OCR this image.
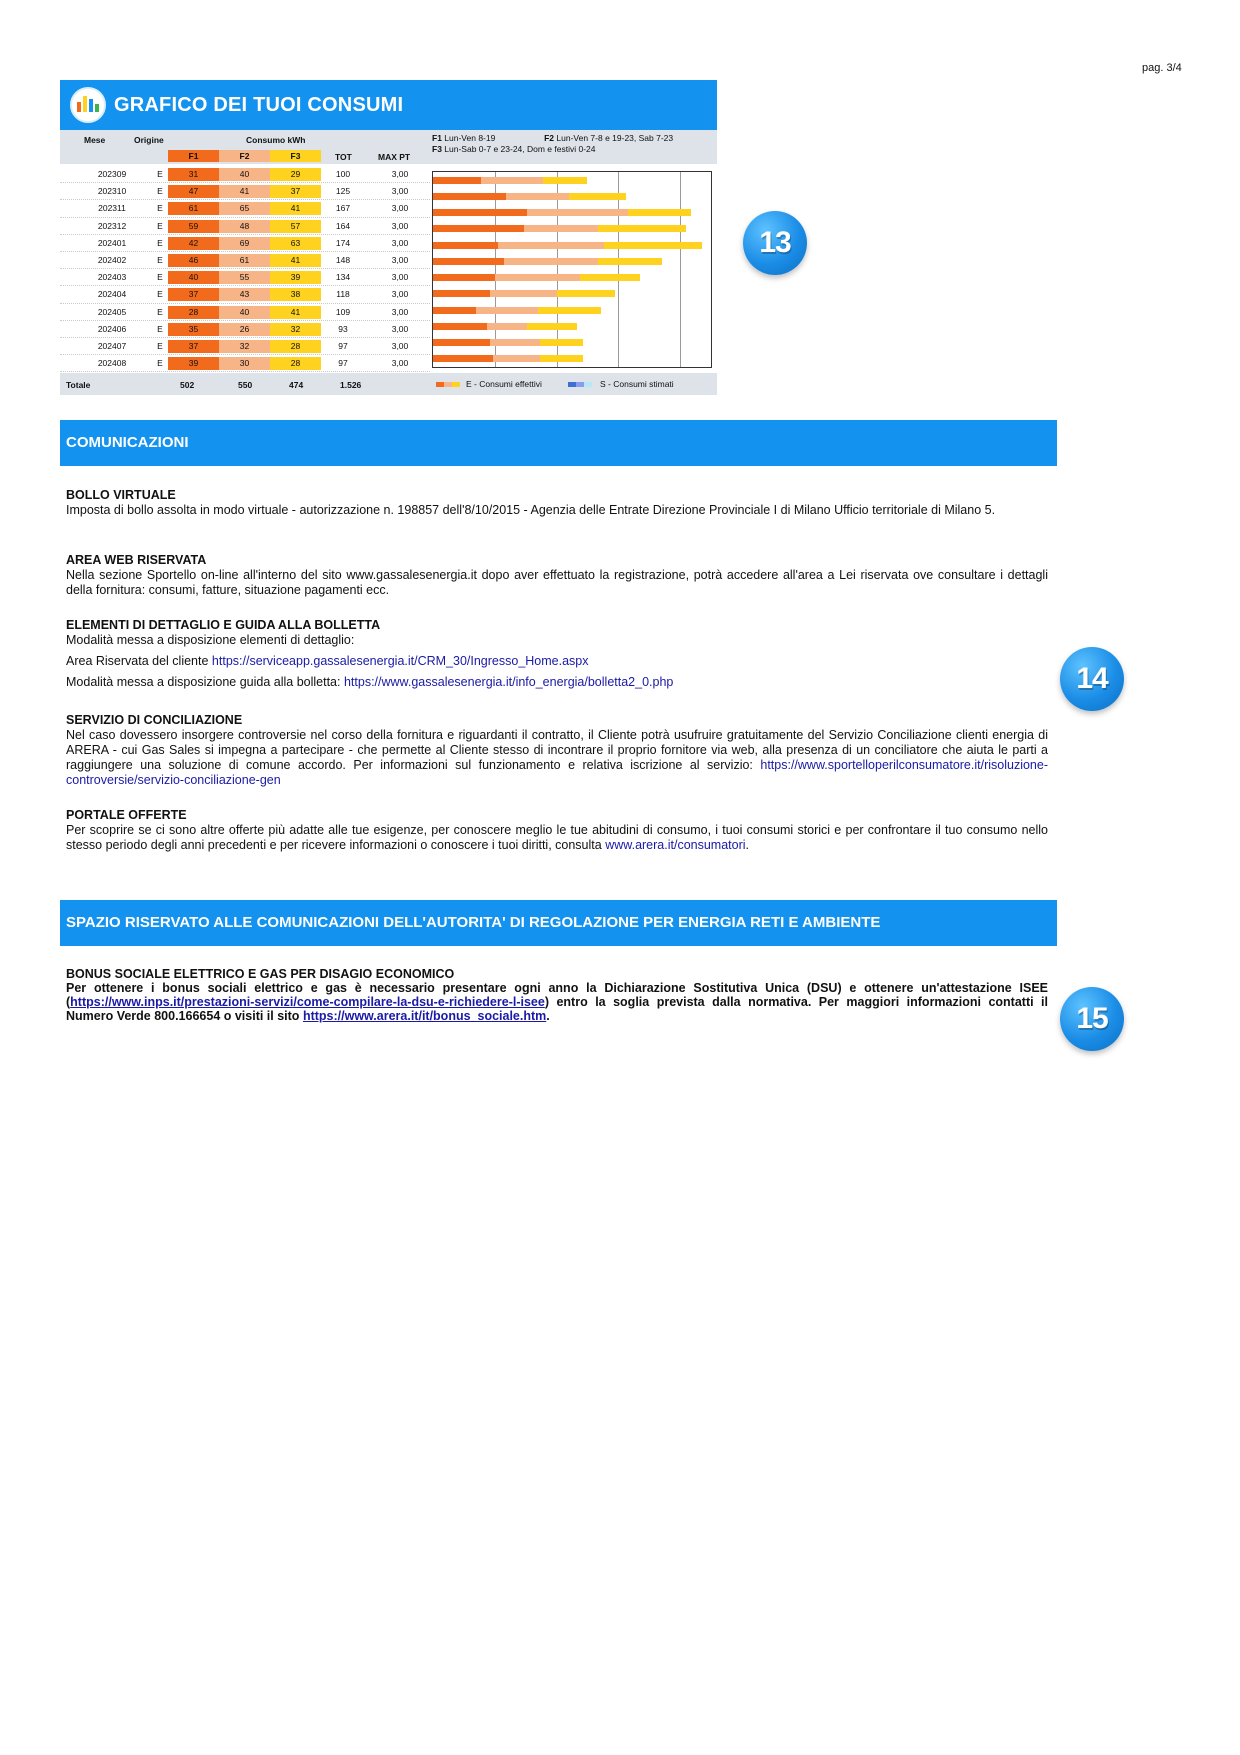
pag. 3/4
GRAFICO DEI TUOI CONSUMI
Mese	Origine	Consumo kWh
F1	F2	F3	TOT	MAX PT
F1 Lun-Ven 8-19	F2 Lun-Ven 7-8 e 19-23, Sab 7-23
F3 Lun-Sab 0-7 e 23-24, Dom e festivi 0-24
202309	E	31	40	29	100	3,00
202310	E	47	41	37	125	3,00
202311	E	61	65	41	167	3,00
202312	E	59	48	57	164	3,00
202401	E	42	69	63	174	3,00
202402	E	46	61	41	148	3,00
202403	E	40	55	39	134	3,00
202404	E	37	43	38	118	3,00
202405	E	28	40	41	109	3,00
202406	E	35	26	32	93	3,00
202407	E	37	32	28	97	3,00
202408	E	39	30	28	97	3,00
Totale	502	550	474	1.526	E - Consumi effettivi	S - Consumi stimati
13
COMUNICAZIONI
BOLLO VIRTUALE

Imposta di bollo assolta in modo virtuale - autorizzazione n. 198857 dell'8/10/2015 - Agenzia delle Entrate Direzione Provinciale I di Milano Ufficio territoriale di Milano 5.

AREA WEB RISERVATA

Nella sezione Sportello on-line all'interno del sito www.gassalesenergia.it dopo aver effettuato la registrazione, potrà accedere all'area a Lei riservata ove consultare i dettagli della fornitura: consumi, fatture, situazione pagamenti ecc.

ELEMENTI DI DETTAGLIO E GUIDA ALLA BOLLETTA

Modalità messa a disposizione elementi di dettaglio:

Area Riservata del cliente https://serviceapp.gassalesenergia.it/CRM_30/Ingresso_Home.aspx

Modalità messa a disposizione guida alla bolletta: https://www.gassalesenergia.it/info_energia/bolletta2_0.php	14
SERVIZIO DI CONCILIAZIONE

Nel caso dovessero insorgere controversie nel corso della fornitura e riguardanti il contratto, il Cliente potrà usufruire gratuitamente del Servizio Conciliazione clienti energia di ARERA - cui Gas Sales si impegna a partecipare - che permette al Cliente stesso di incontrare il proprio fornitore via web, alla presenza di un conciliatore che aiuta le parti a raggiungere una soluzione di comune accordo. Per informazioni sul funzionamento e relativa iscrizione al servizio: https://www.sportelloperilconsumatore.it/risoluzione-controversie/servizio-conciliazione-gen

PORTALE OFFERTE

Per scoprire se ci sono altre offerte più adatte alle tue esigenze, per conoscere meglio le tue abitudini di consumo, i tuoi consumi storici e per confrontare il tuo consumo nello stesso periodo degli anni precedenti e per ricevere informazioni o conoscere i tuoi diritti, consulta www.arera.it/consumatori.

SPAZIO RISERVATO ALLE COMUNICAZIONI DELL'AUTORITA' DI REGOLAZIONE PER ENERGIA RETI E AMBIENTE
BONUS SOCIALE ELETTRICO E GAS PER DISAGIO ECONOMICO

Per ottenere i bonus sociali elettrico e gas è necessario presentare ogni anno la Dichiarazione Sostitutiva Unica (DSU) e ottenere un'attestazione ISEE (https://www.inps.it/prestazioni-servizi/come-compilare-la-dsu-e-richiedere-l-isee) entro la soglia prevista dalla normativa. Per maggiori informazioni contatti il Numero Verde 800.166654 o visiti il sito https://www.arera.it/it/bonus_sociale.htm.	15
